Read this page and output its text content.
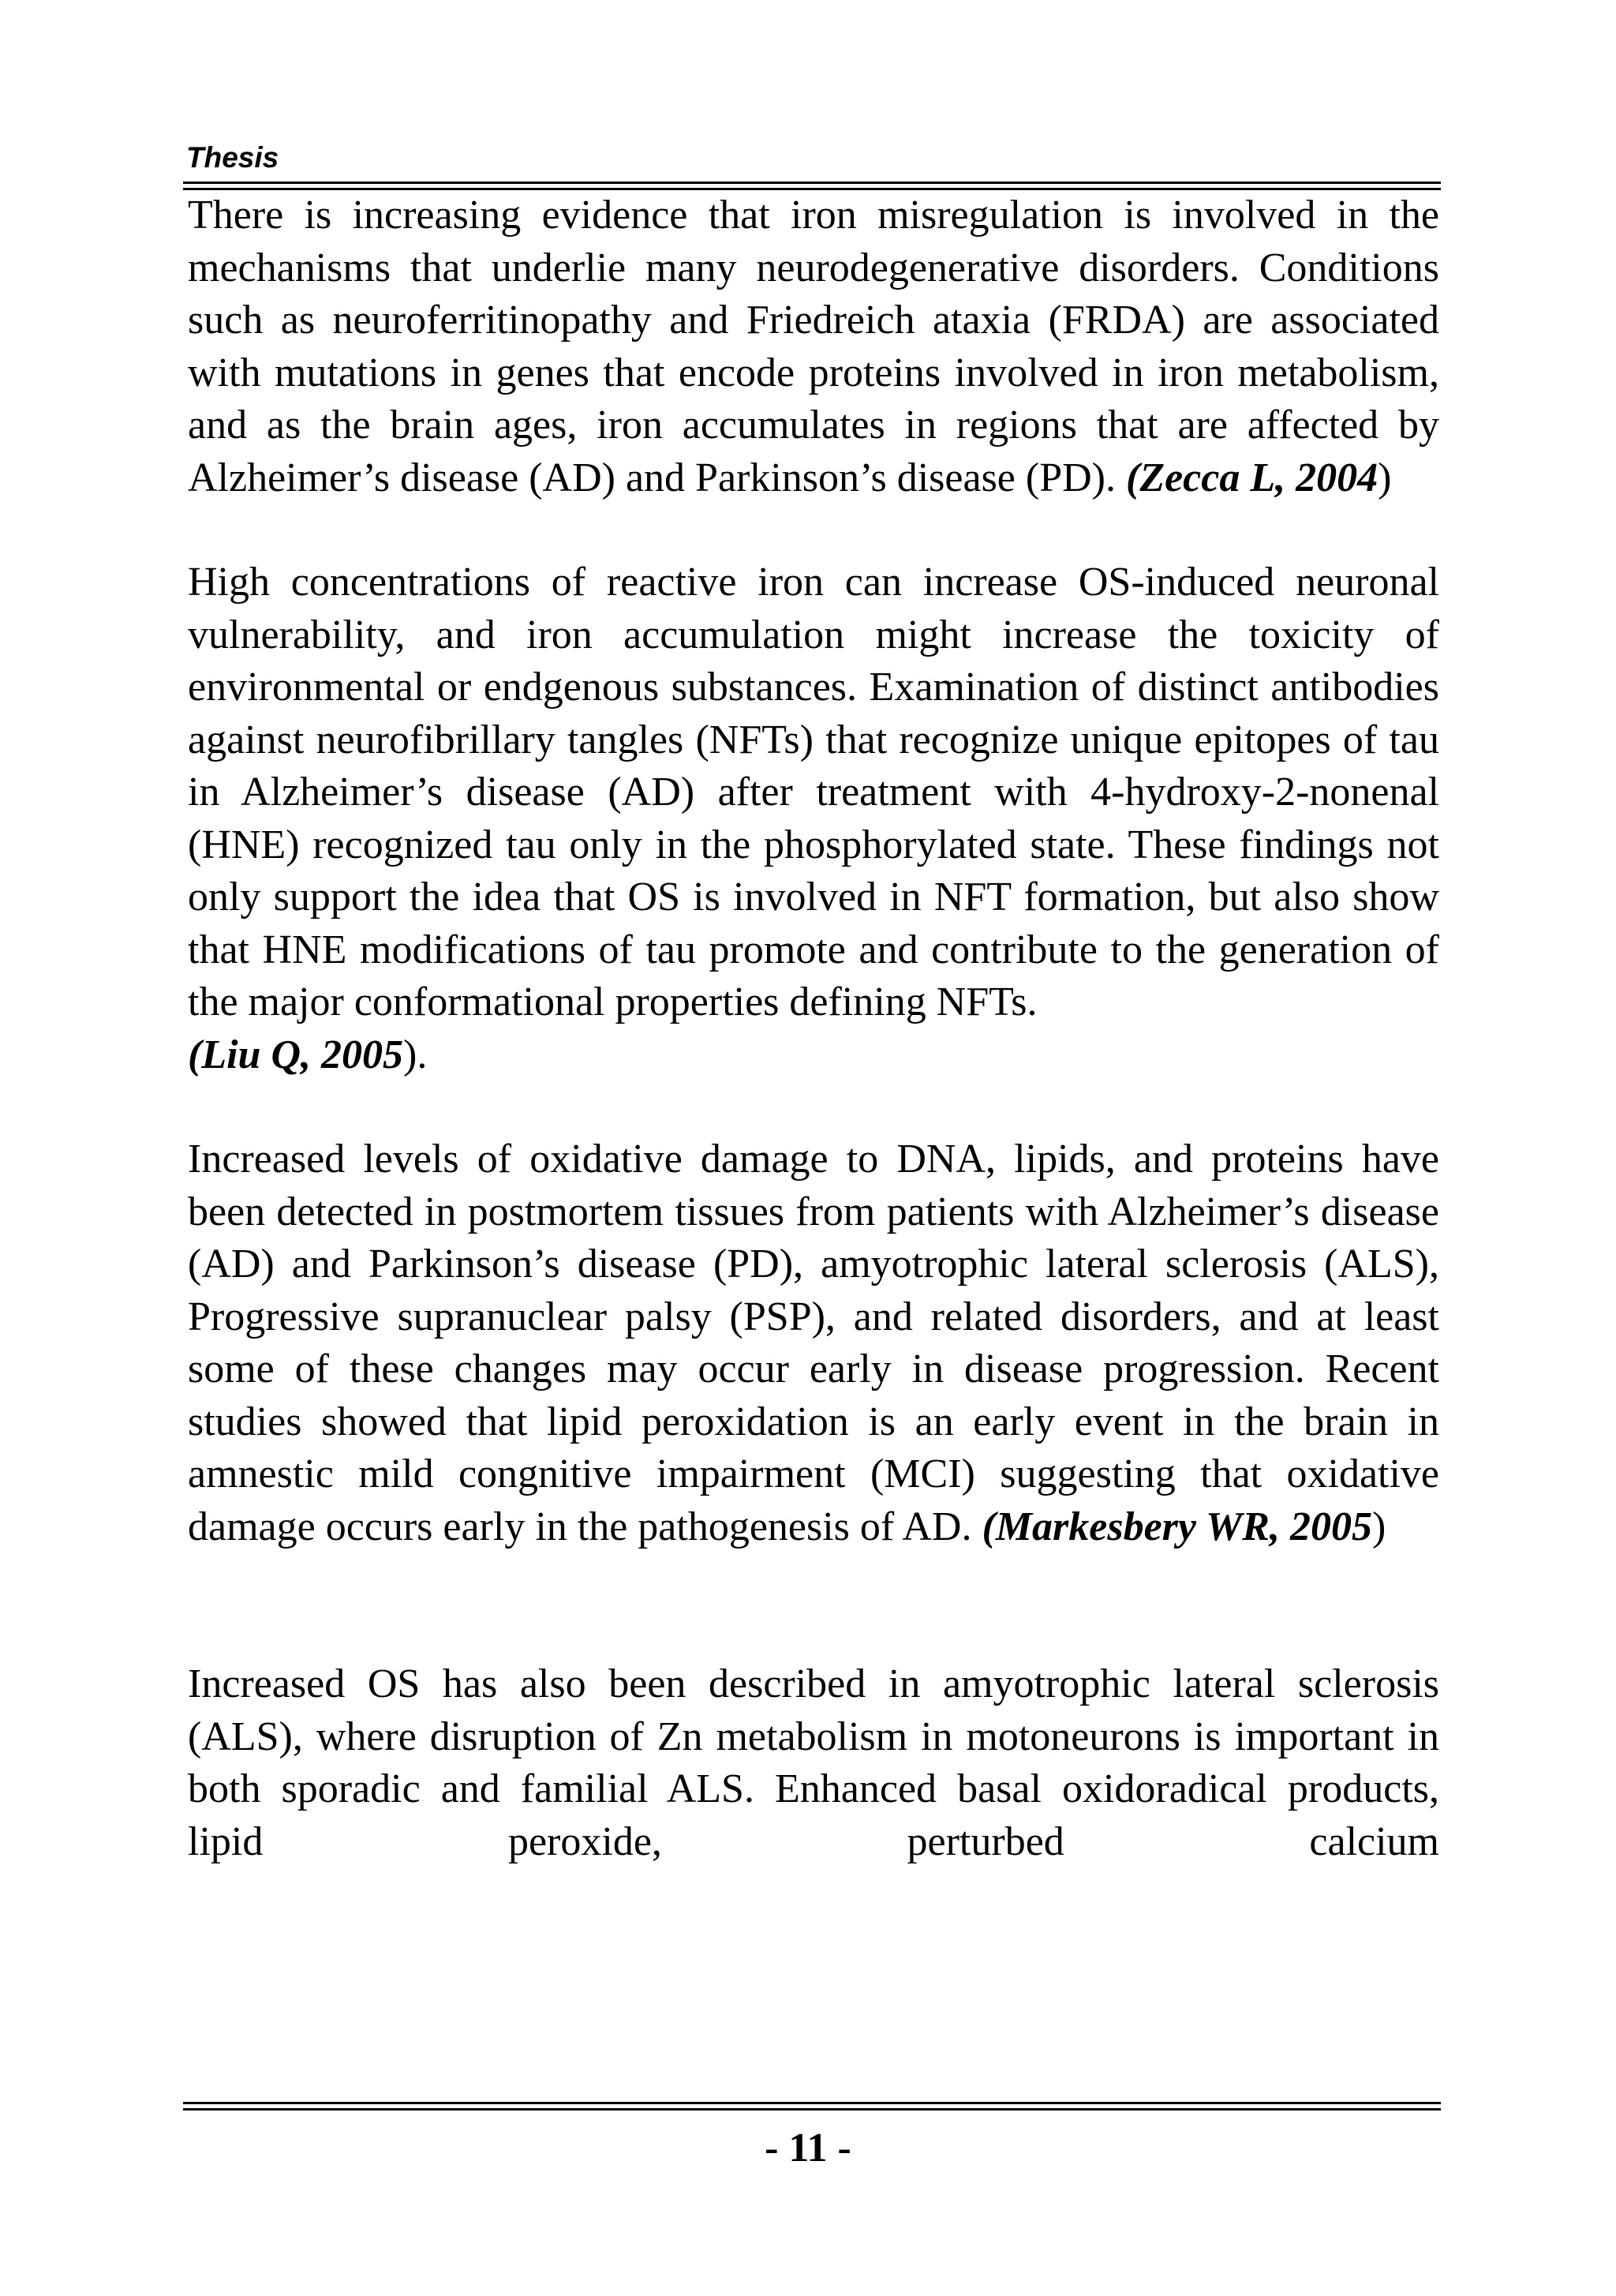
Thesis

There is increasing evidence that iron misregulation is involved in the mechanisms that underlie many neurodegenerative disorders. Conditions such as neuroferritinopathy and Friedreich ataxia (FRDA) are associated with mutations in genes that encode proteins involved in iron metabolism, and as the brain ages, iron accumulates in regions that are affected by Alzheimer’s disease (AD) and Parkinson’s disease (PD). (Zecca L, 2004)

High concentrations of reactive iron can increase OS-induced neuronal vulnerability, and iron accumulation might increase the toxicity of environmental or endgenous substances. Examination of distinct antibodies against neurofibrillary tangles (NFTs) that recognize unique epitopes of tau in Alzheimer’s disease (AD) after treatment with 4-hydroxy-2-nonenal (HNE) recognized tau only in the phosphorylated state. These findings not only support the idea that OS is involved in NFT formation, but also show that HNE modifications of tau promote and contribute to the generation of the major conformational properties defining NFTs.
(Liu Q, 2005).

Increased levels of oxidative damage to DNA, lipids, and proteins have been detected in postmortem tissues from patients with Alzheimer’s disease (AD) and Parkinson’s disease (PD), amyotrophic lateral sclerosis (ALS), Progressive supranuclear palsy (PSP), and related disorders, and at least some of these changes may occur early in disease progression. Recent studies showed that lipid peroxidation is an early event in the brain in amnestic mild congnitive impairment (MCI) suggesting that oxidative damage occurs early in the pathogenesis of AD. (Markesbery WR, 2005)

Increased OS has also been described in amyotrophic lateral sclerosis (ALS), where disruption of Zn metabolism in motoneurons is important in both sporadic and familial ALS. Enhanced basal oxidoradical products, lipid peroxide, perturbed calcium

- 11 -
